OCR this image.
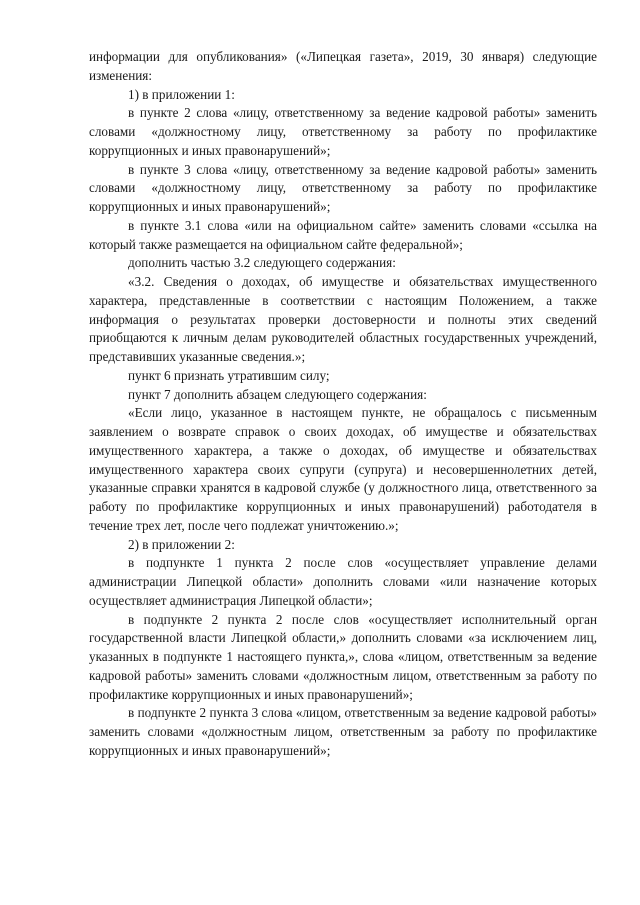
информации для опубликования» («Липецкая газета», 2019, 30 января) следующие изменения:

1) в приложении 1:

в пункте 2 слова «лицу, ответственному за ведение кадровой работы» заменить словами «должностному лицу, ответственному за работу по профилактике коррупционных и иных правонарушений»;

в пункте 3 слова «лицу, ответственному за ведение кадровой работы» заменить словами «должностному лицу, ответственному за работу по профилактике коррупционных и иных правонарушений»;

в пункте 3.1 слова «или на официальном сайте» заменить словами «ссылка на который также размещается на официальном сайте федеральной»;

дополнить частью 3.2 следующего содержания:

«3.2. Сведения о доходах, об имуществе и обязательствах имущественного характера, представленные в соответствии с настоящим Положением, а также информация о результатах проверки достоверности и полноты этих сведений приобщаются к личным делам руководителей областных государственных учреждений, представивших указанные сведения.»;

пункт 6 признать утратившим силу;

пункт 7 дополнить абзацем следующего содержания:

«Если лицо, указанное в настоящем пункте, не обращалось с письменным заявлением о возврате справок о своих доходах, об имуществе и обязательствах имущественного характера, а также о доходах, об имуществе и обязательствах имущественного характера своих супруги (супруга) и несовершеннолетних детей, указанные справки хранятся в кадровой службе (у должностного лица, ответственного за работу по профилактике коррупционных и иных правонарушений) работодателя в течение трех лет, после чего подлежат уничтожению.»;

2) в приложении 2:

в подпункте 1 пункта 2 после слов «осуществляет управление делами администрации Липецкой области» дополнить словами «или назначение которых осуществляет администрация Липецкой области»;

в подпункте 2 пункта 2 после слов «осуществляет исполнительный орган государственной власти Липецкой области,» дополнить словами «за исключением лиц, указанных в подпункте 1 настоящего пункта,», слова «лицом, ответственным за ведение кадровой работы» заменить словами «должностным лицом, ответственным за работу по профилактике коррупционных и иных правонарушений»;

в подпункте 2 пункта 3 слова «лицом, ответственным за ведение кадровой работы» заменить словами «должностным лицом, ответственным за работу по профилактике коррупционных и иных правонарушений»;
